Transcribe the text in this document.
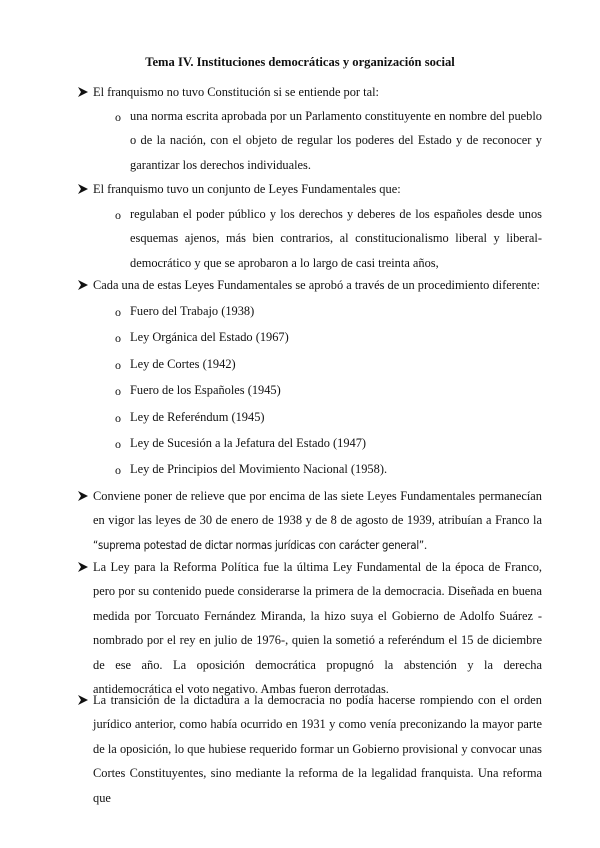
Tema IV. Instituciones democráticas y organización social
El franquismo no tuvo Constitución si se entiende por tal:
o una norma escrita aprobada por un Parlamento constituyente en nombre del pueblo o de la nación, con el objeto de regular los poderes del Estado y de reconocer y garantizar los derechos individuales.
El franquismo tuvo un conjunto de Leyes Fundamentales que:
o regulaban el poder público y los derechos y deberes de los españoles desde unos esquemas ajenos, más bien contrarios, al constitucionalismo liberal y liberal-democrático y que se aprobaron a lo largo de casi treinta años,
Cada una de estas Leyes Fundamentales se aprobó a través de un procedimiento diferente:
o Fuero del Trabajo (1938)
o Ley Orgánica del Estado (1967)
o Ley de Cortes (1942)
o Fuero de los Españoles (1945)
o Ley de Referéndum (1945)
o Ley de Sucesión a la Jefatura del Estado (1947)
o Ley de Principios del Movimiento Nacional (1958).
Conviene poner de relieve que por encima de las siete Leyes Fundamentales permanecían en vigor las leyes de 30 de enero de 1938 y de 8 de agosto de 1939, atribuían a Franco la “suprema potestad de dictar normas jurídicas con carácter general”.
La Ley para la Reforma Política fue la última Ley Fundamental de la época de Franco, pero por su contenido puede considerarse la primera de la democracia. Diseñada en buena medida por Torcuato Fernández Miranda, la hizo suya el Gobierno de Adolfo Suárez - nombrado por el rey en julio de 1976-, quien la sometió a referéndum el 15 de diciembre de ese año. La oposición democrática propugnó la abstención y la derecha antidemocrática el voto negativo. Ambas fueron derrotadas.
La transición de la dictadura a la democracia no podía hacerse rompiendo con el orden jurídico anterior, como había ocurrido en 1931 y como venía preconizando la mayor parte de la oposición, lo que hubiese requerido formar un Gobierno provisional y convocar unas Cortes Constituyentes, sino mediante la reforma de la legalidad franquista. Una reforma que
